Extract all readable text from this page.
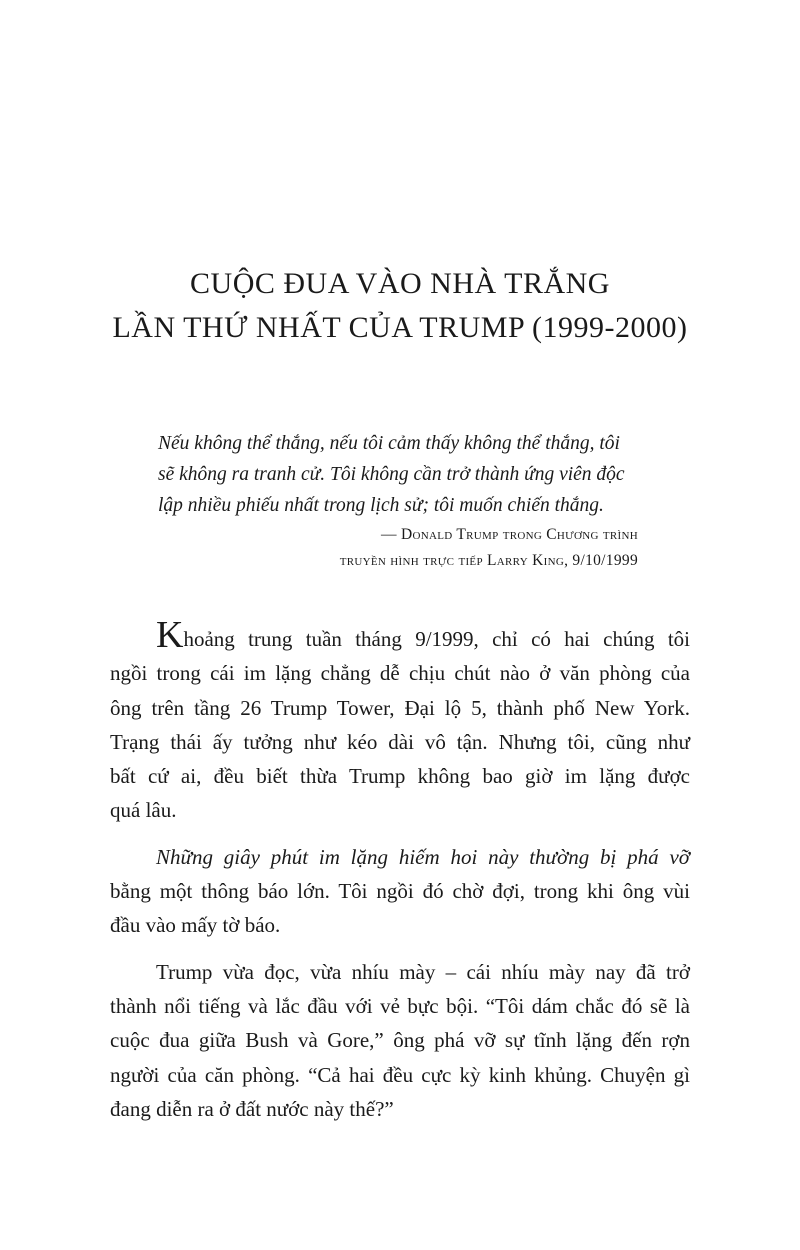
CUỘC ĐUA VÀO NHÀ TRẮNG
LẦN THỨ NHẤT CỦA TRUMP (1999-2000)
Nếu không thể thắng, nếu tôi cảm thấy không thể thắng, tôi
sẽ không ra tranh cử. Tôi không cần trở thành ứng viên độc
lập nhiều phiếu nhất trong lịch sử; tôi muốn chiến thắng.
— Donald Trump trong Chương trình
truyền hình trực tiếp Larry King, 9/10/1999
Khoảng trung tuần tháng 9/1999, chỉ có hai chúng tôi
ngồi trong cái im lặng chẳng dễ chịu chút nào ở văn phòng của
ông trên tầng 26 Trump Tower, Đại lộ 5, thành phố New York.
Trạng thái ấy tưởng như kéo dài vô tận. Nhưng tôi, cũng như
bất cứ ai, đều biết thừa Trump không bao giờ im lặng được
quá lâu.
Những giây phút im lặng hiếm hoi này thường bị phá vỡ
bằng một thông báo lớn. Tôi ngồi đó chờ đợi, trong khi ông vùi
đầu vào mấy tờ báo.
Trump vừa đọc, vừa nhíu mày – cái nhíu mày nay đã trở
thành nổi tiếng và lắc đầu với vẻ bực bội. “Tôi dám chắc đó sẽ là
cuộc đua giữa Bush và Gore,” ông phá vỡ sự tĩnh lặng đến rợn
người của căn phòng. “Cả hai đều cực kỳ kinh khủng. Chuyện gì
đang diễn ra ở đất nước này thế?”
